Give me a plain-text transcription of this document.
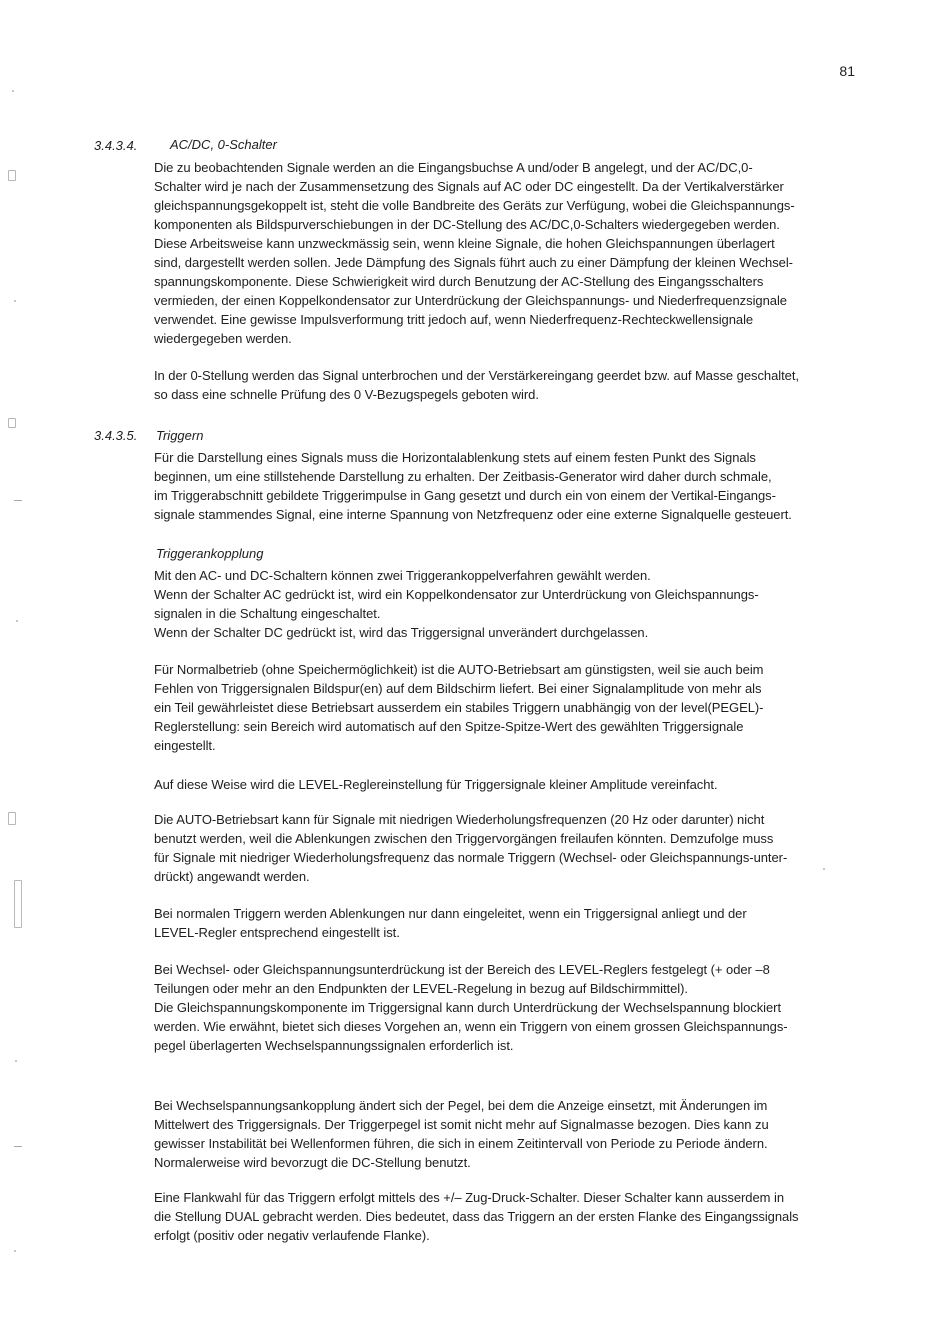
81
3.4.3.4.	AC/DC, 0-Schalter

Die zu beobachtenden Signale werden an die Eingangsbuchse A und/oder B angelegt, und der AC/DC,0-
Schalter wird je nach der Zusammensetzung des Signals auf AC oder DC eingestellt. Da der Vertikalverstärker
gleichspannungsgekoppelt ist, steht die volle Bandbreite des Geräts zur Verfügung, wobei die Gleichspannungs-
komponenten als Bildspurverschiebungen in der DC-Stellung des AC/DC,0-Schalters wiedergegeben werden.
Diese Arbeitsweise kann unzweckmässig sein, wenn kleine Signale, die hohen Gleichspannungen überlagert
sind, dargestellt werden sollen. Jede Dämpfung des Signals führt auch zu einer Dämpfung der kleinen Wechsel-
spannungskomponente. Diese Schwierigkeit wird durch Benutzung der AC-Stellung des Eingangsschalters
vermieden, der einen Koppelkondensator zur Unterdrückung der Gleichspannungs- und Niederfrequenzsignale
verwendet. Eine gewisse Impulsverformung tritt jedoch auf, wenn Niederfrequenz-Rechteckwellensignale
wiedergegeben werden.

In der 0-Stellung werden das Signal unterbrochen und der Verstärkereingang geerdet bzw. auf Masse geschaltet,
so dass eine schnelle Prüfung des 0 V-Bezugspegels geboten wird.

3.4.3.5. Triggern

Für die Darstellung eines Signals muss die Horizontalablenkung stets auf einem festen Punkt des Signals
beginnen, um eine stillstehende Darstellung zu erhalten. Der Zeitbasis-Generator wird daher durch schmale,
im Triggerabschnitt gebildete Triggerimpulse in Gang gesetzt und durch ein von einem der Vertikal-Eingangs-
signale stammendes Signal, eine interne Spannung von Netzfrequenz oder eine externe Signalquelle gesteuert.

Triggerankopplung

Mit den AC- und DC-Schaltern können zwei Triggerankoppelverfahren gewählt werden.
Wenn der Schalter AC gedrückt ist, wird ein Koppelkondensator zur Unterdrückung von Gleichspannungs-
signalen in die Schaltung eingeschaltet.
Wenn der Schalter DC gedrückt ist, wird das Triggersignal unverändert durchgelassen.

Für Normalbetrieb (ohne Speichermöglichkeit) ist die AUTO-Betriebsart am günstigsten, weil sie auch beim
Fehlen von Triggersignalen Bildspur(en) auf dem Bildschirm liefert. Bei einer Signalamplitude von mehr als
ein Teil gewährleistet diese Betriebsart ausserdem ein stabiles Triggern unabhängig von der level(PEGEL)-
Reglerstellung: sein Bereich wird automatisch auf den Spitze-Spitze-Wert des gewählten Triggersignale
eingestellt.

Auf diese Weise wird die LEVEL-Reglereinstellung für Triggersignale kleiner Amplitude vereinfacht.

Die AUTO-Betriebsart kann für Signale mit niedrigen Wiederholungsfrequenzen (20 Hz oder darunter) nicht
benutzt werden, weil die Ablenkungen zwischen den Triggervorgängen freilaufen könnten. Demzufolge muss
für Signale mit niedriger Wiederholungsfrequenz das normale Triggern (Wechsel- oder Gleichspannungs-unter-
drückt) angewandt werden.

Bei normalen Triggern werden Ablenkungen nur dann eingeleitet, wenn ein Triggersignal anliegt und der
LEVEL-Regler entsprechend eingestellt ist.

Bei Wechsel- oder Gleichspannungsunterdrückung ist der Bereich des LEVEL-Reglers festgelegt (+ oder –8
Teilungen oder mehr an den Endpunkten der LEVEL-Regelung in bezug auf Bildschirmmittel).
Die Gleichspannungskomponente im Triggersignal kann durch Unterdrückung der Wechselspannung blockiert
werden. Wie erwähnt, bietet sich dieses Vorgehen an, wenn ein Triggern von einem grossen Gleichspannungs-
pegel überlagerten Wechselspannungssignalen erforderlich ist.

Bei Wechselspannungsankopplung ändert sich der Pegel, bei dem die Anzeige einsetzt, mit Änderungen im
Mittelwert des Triggersignals. Der Triggerpegel ist somit nicht mehr auf Signalmasse bezogen. Dies kann zu
gewisser Instabilität bei Wellenformen führen, die sich in einem Zeitintervall von Periode zu Periode ändern.
Normalerweise wird bevorzugt die DC-Stellung benutzt.

Eine Flankwahl für das Triggern erfolgt mittels des +/– Zug-Druck-Schalter. Dieser Schalter kann ausserdem in
die Stellung DUAL gebracht werden. Dies bedeutet, dass das Triggern an der ersten Flanke des Eingangssignals
erfolgt (positiv oder negativ verlaufende Flanke).
